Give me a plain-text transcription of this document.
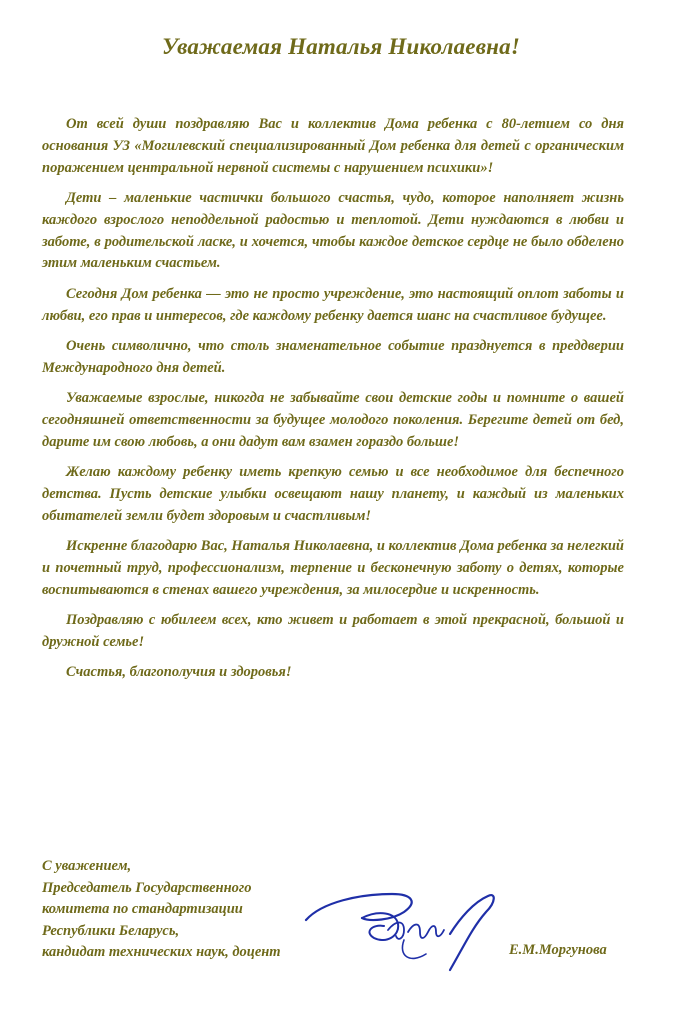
Уважаемая Наталья Николаевна!

От всей души поздравляю Вас и коллектив Дома ребенка с 80-летием со дня основания УЗ «Могилевский специализированный Дом ребенка для детей с органическим поражением центральной нервной системы с нарушением психики»!

Дети – маленькие частички большого счастья, чудо, которое наполняет жизнь каждого взрослого неподдельной радостью и теплотой. Дети нуждаются в любви и заботе, в родительской ласке, и хочется, чтобы каждое детское сердце не было обделено этим маленьким счастьем.

Сегодня Дом ребенка — это не просто учреждение, это настоящий оплот заботы и любви, его прав и интересов, где каждому ребенку дается шанс на счастливое будущее.

Очень символично, что столь знаменательное событие празднуется в преддверии Международного дня детей.

Уважаемые взрослые, никогда не забывайте свои детские годы и помните о вашей сегодняшней ответственности за будущее молодого поколения. Берегите детей от бед, дарите им свою любовь, а они дадут вам взамен гораздо больше!

Желаю каждому ребенку иметь крепкую семью и все необходимое для беспечного детства. Пусть детские улыбки освещают нашу планету, и каждый из маленьких обитателей земли будет здоровым и счастливым!

Искренне благодарю Вас, Наталья Николаевна, и коллектив Дома ребенка за нелегкий и почетный труд, профессионализм, терпение и бесконечную заботу о детях, которые воспитываются в стенах вашего учреждения, за милосердие и искренность.

Поздравляю с юбилеем всех, кто живет и работает в этой прекрасной, большой и дружной семье!

Счастья, благополучия и здоровья!

С уважением,
Председатель Государственного
комитета по стандартизации
Республики Беларусь,
кандидат технических наук, доцент	Е.М.Моргунова
